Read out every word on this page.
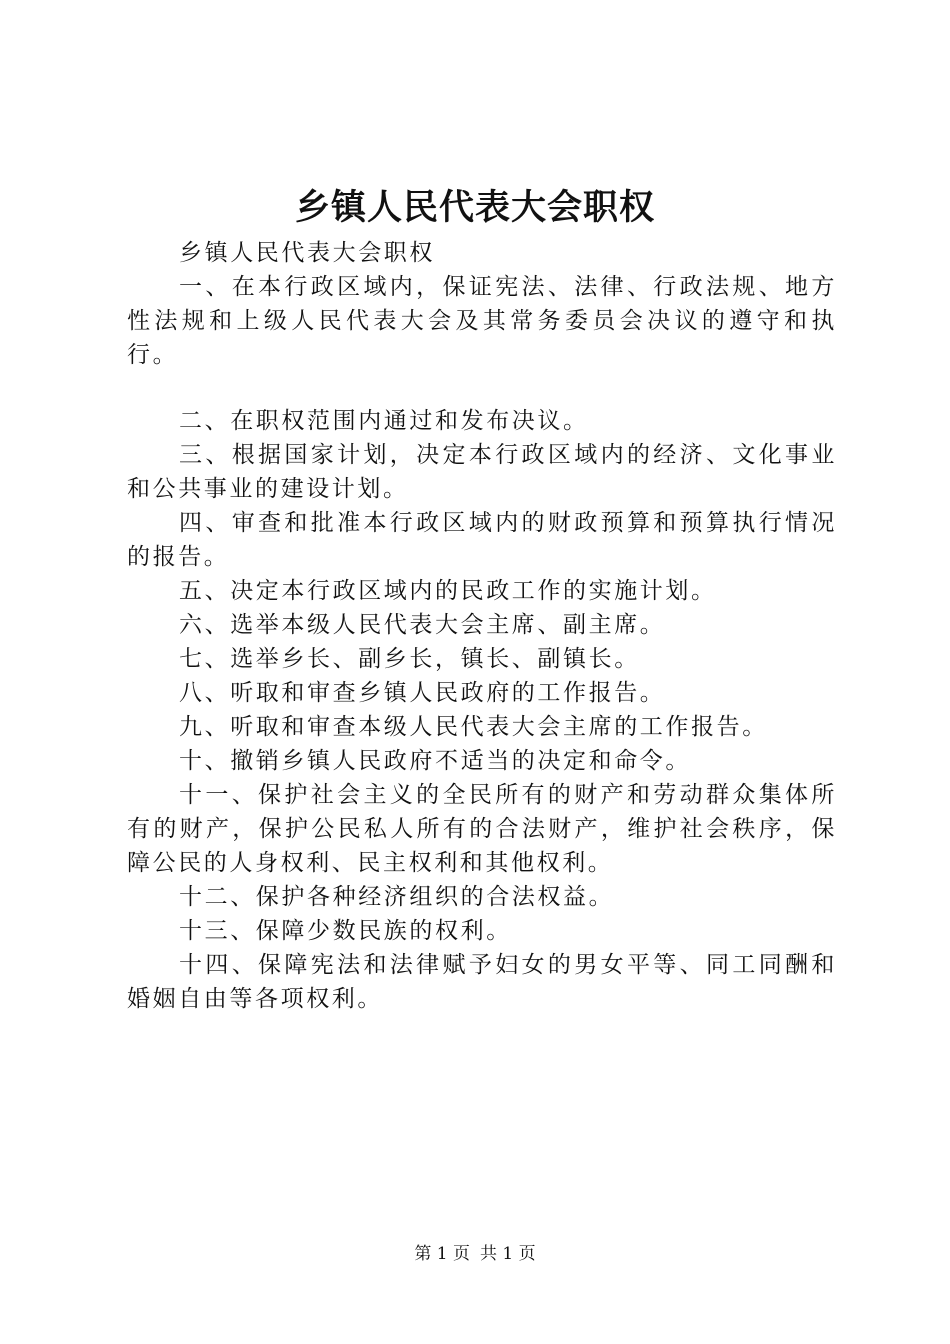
乡镇人民代表大会职权

乡镇人民代表大会职权

一、在本行政区域内，保证宪法、法律、行政法规、地方性法规和上级人民代表大会及其常务委员会决议的遵守和执行。

二、在职权范围内通过和发布决议。

三、根据国家计划，决定本行政区域内的经济、文化事业和公共事业的建设计划。

四、审查和批准本行政区域内的财政预算和预算执行情况的报告。

五、决定本行政区域内的民政工作的实施计划。

六、选举本级人民代表大会主席、副主席。

七、选举乡长、副乡长，镇长、副镇长。

八、听取和审查乡镇人民政府的工作报告。

九、听取和审查本级人民代表大会主席的工作报告。

十、撤销乡镇人民政府不适当的决定和命令。

十一、保护社会主义的全民所有的财产和劳动群众集体所有的财产，保护公民私人所有的合法财产，维护社会秩序，保障公民的人身权利、民主权利和其他权利。

十二、保护各种经济组织的合法权益。

十三、保障少数民族的权利。

十四、保障宪法和法律赋予妇女的男女平等、同工同酬和婚姻自由等各项权利。

第 1 页 共 1 页
